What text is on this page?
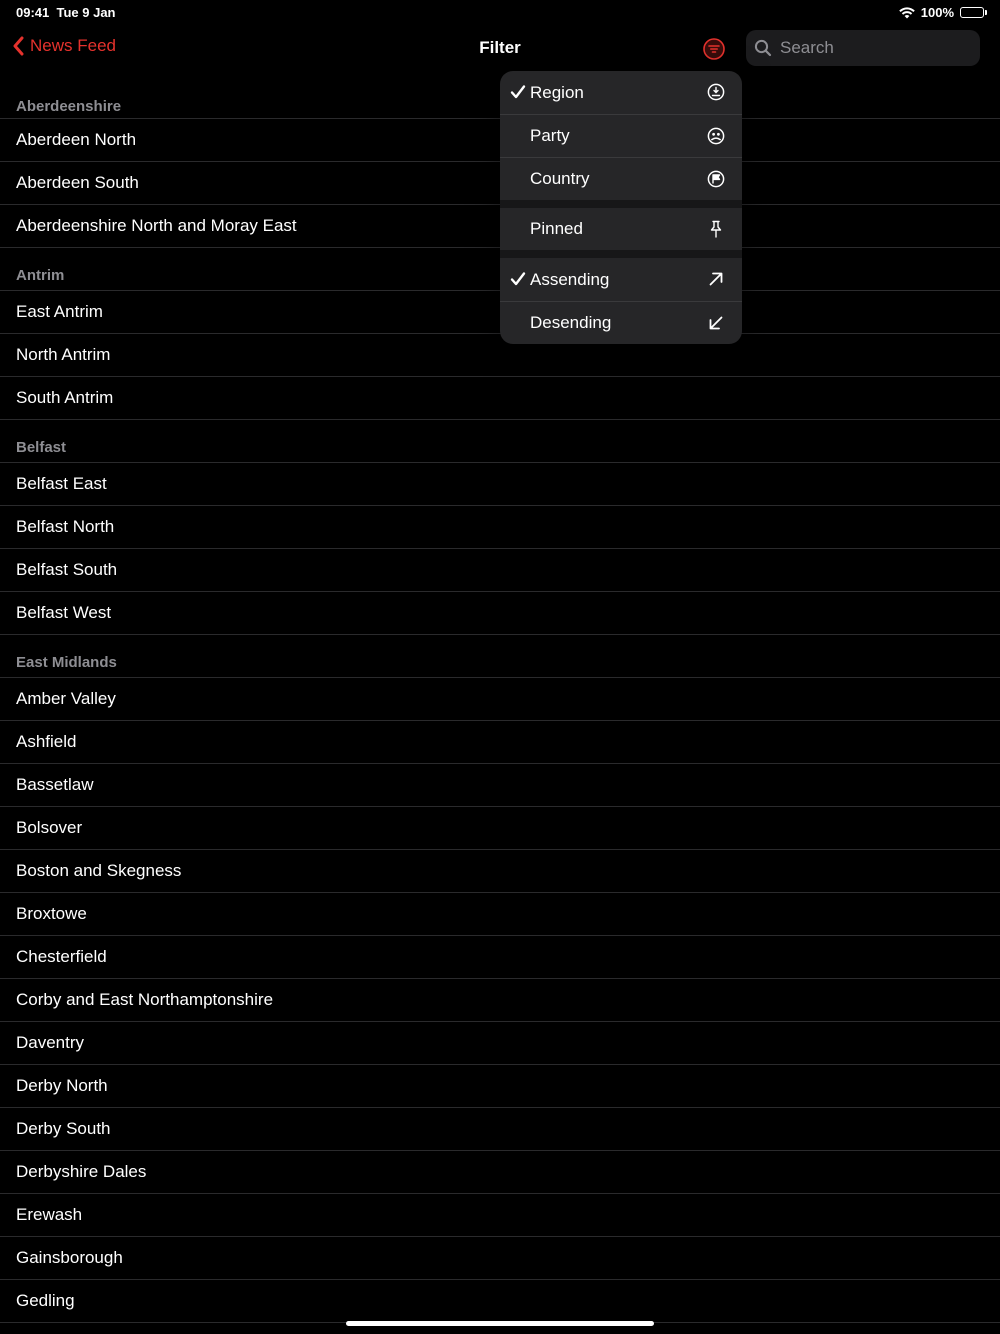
09:41 Tue 9 Jan	100%
News Feed	Filter
Search
Aberdeenshire
Aberdeen North
Aberdeen South
Aberdeenshire North and Moray East
Antrim
East Antrim
North Antrim
South Antrim
Belfast
Belfast East
Belfast North
Belfast South
Belfast West
East Midlands
Amber Valley
Ashfield
Bassetlaw
Bolsover
Boston and Skegness
Broxtowe
Chesterfield
Corby and East Northamptonshire
Daventry
Derby North
Derby South
Derbyshire Dales
Erewash
Gainsborough
Gedling
Region
Party
Country
Pinned
Assending
Desending
